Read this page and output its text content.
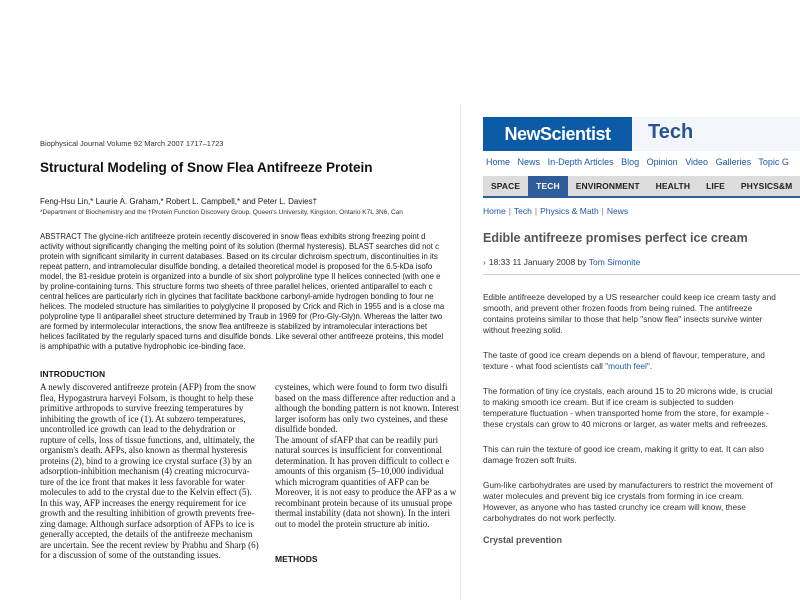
Biophysical Journal Volume 92 March 2007 1717–1723
Structural Modeling of Snow Flea Antifreeze Protein
Feng-Hsu Lin,* Laurie A. Graham,* Robert L. Campbell,* and Peter L. Davies†
*Department of Biochemistry and the †Protein Function Discovery Group, Queen's University, Kingston, Ontario K7L 3N6, Can
ABSTRACT The glycine-rich antifreeze protein recently discovered in snow fleas exhibits strong freezing point d
activity without significantly changing the melting point of its solution (thermal hysteresis). BLAST searches did not c
protein with significant similarity in current databases. Based on its circular dichroism spectrum, discontinuities in its
repeat pattern, and intramolecular disulfide bonding, a detailed theoretical model is proposed for the 6.5-kDa isofo
model, the 81-residue protein is organized into a bundle of six short polyproline type II helices connected (with one e
by proline-containing turns. This structure forms two sheets of three parallel helices, oriented antiparallel to each c
central helices are particularly rich in glycines that facilitate backbone carbonyl-amide hydrogen bonding to four ne
helices. The modeled structure has similarities to polyglycine II proposed by Crick and Rich in 1955 and is a close ma
polyproline type II antiparallel sheet structure determined by Traub in 1969 for (Pro-Gly-Gly)n. Whereas the latter two
are formed by intermolecular interactions, the snow flea antifreeze is stabilized by intramolecular interactions bet
helices facilitated by the regularly spaced turns and disulfide bonds. Like several other antifreeze proteins, this model
is amphipathic with a putative hydrophobic ice-binding face.
INTRODUCTION
A newly discovered antifreeze protein (AFP) from the snow
flea, Hypogastrura harveyi Folsom, is thought to help these
primitive arthropods to survive freezing temperatures by
inhibiting the growth of ice (1). At subzero temperatures,
uncontrolled ice growth can lead to the dehydration or
rupture of cells, loss of tissue functions, and, ultimately, the
organism's death. AFPs, also known as thermal hysteresis
proteins (2), bind to a growing ice crystal surface (3) by an
adsorption-inhibition mechanism (4) creating microcurva-
ture of the ice front that makes it less favorable for water
molecules to add to the crystal due to the Kelvin effect (5).
In this way, AFP increases the energy requirement for ice
growth and the resulting inhibition of growth prevents free-
zing damage. Although surface adsorption of AFPs to ice is
generally accepted, the details of the antifreeze mechanism
are uncertain. See the recent review by Prabhu and Sharp (6)
for a discussion of some of the outstanding issues.
cysteines, which were found to form two disulfi
based on the mass difference after reduction and a
although the bonding pattern is not known. Interest
larger isoform has only two cysteines, and these
disulfide bonded.
The amount of sfAFP that can be readily puri
natural sources is insufficient for conventional
determination. It has proven difficult to collect e
amounts of this organism (5–10,000 individual
which microgram quantities of AFP can be
Moreover, it is not easy to produce the AFP as a w
recombinant protein because of its unusual prope
thermal instability (data not shown). In the interi
out to model the protein structure ab initio.
METHODS
NewScientist	Tech
Home News In-Depth Articles Blog Opinion Video Galleries Topic G
SPACE TECH ENVIRONMENT HEALTH LIFE PHYSICS&M
Home | Tech | Physics & Math | News
Edible antifreeze promises perfect ice cream
› 18:33 11 January 2008 by Tom Simonite
Edible antifreeze developed by a US researcher could keep ice cream tasty and
smooth, and prevent other frozen foods from being ruined. The antifreeze
contains proteins similar to those that help "snow flea" insects survive winter
without freezing solid.
The taste of good ice cream depends on a blend of flavour, temperature, and
texture - what food scientists call "mouth feel".
The formation of tiny ice crystals, each around 15 to 20 microns wide, is crucial
to making smooth ice cream. But if ice cream is subjected to sudden
temperature fluctuation - when transported home from the store, for example -
these crystals can grow to 40 microns or larger, as water melts and refreezes.
This can ruin the texture of good ice cream, making it gritty to eat. It can also
damage frozen soft fruits.
Gum-like carbohydrates are used by manufacturers to restrict the movement of
water molecules and prevent big ice crystals from forming in ice cream.
However, as anyone who has tasted crunchy ice cream will know, these
carbohydrates do not work perfectly.
Crystal prevention
